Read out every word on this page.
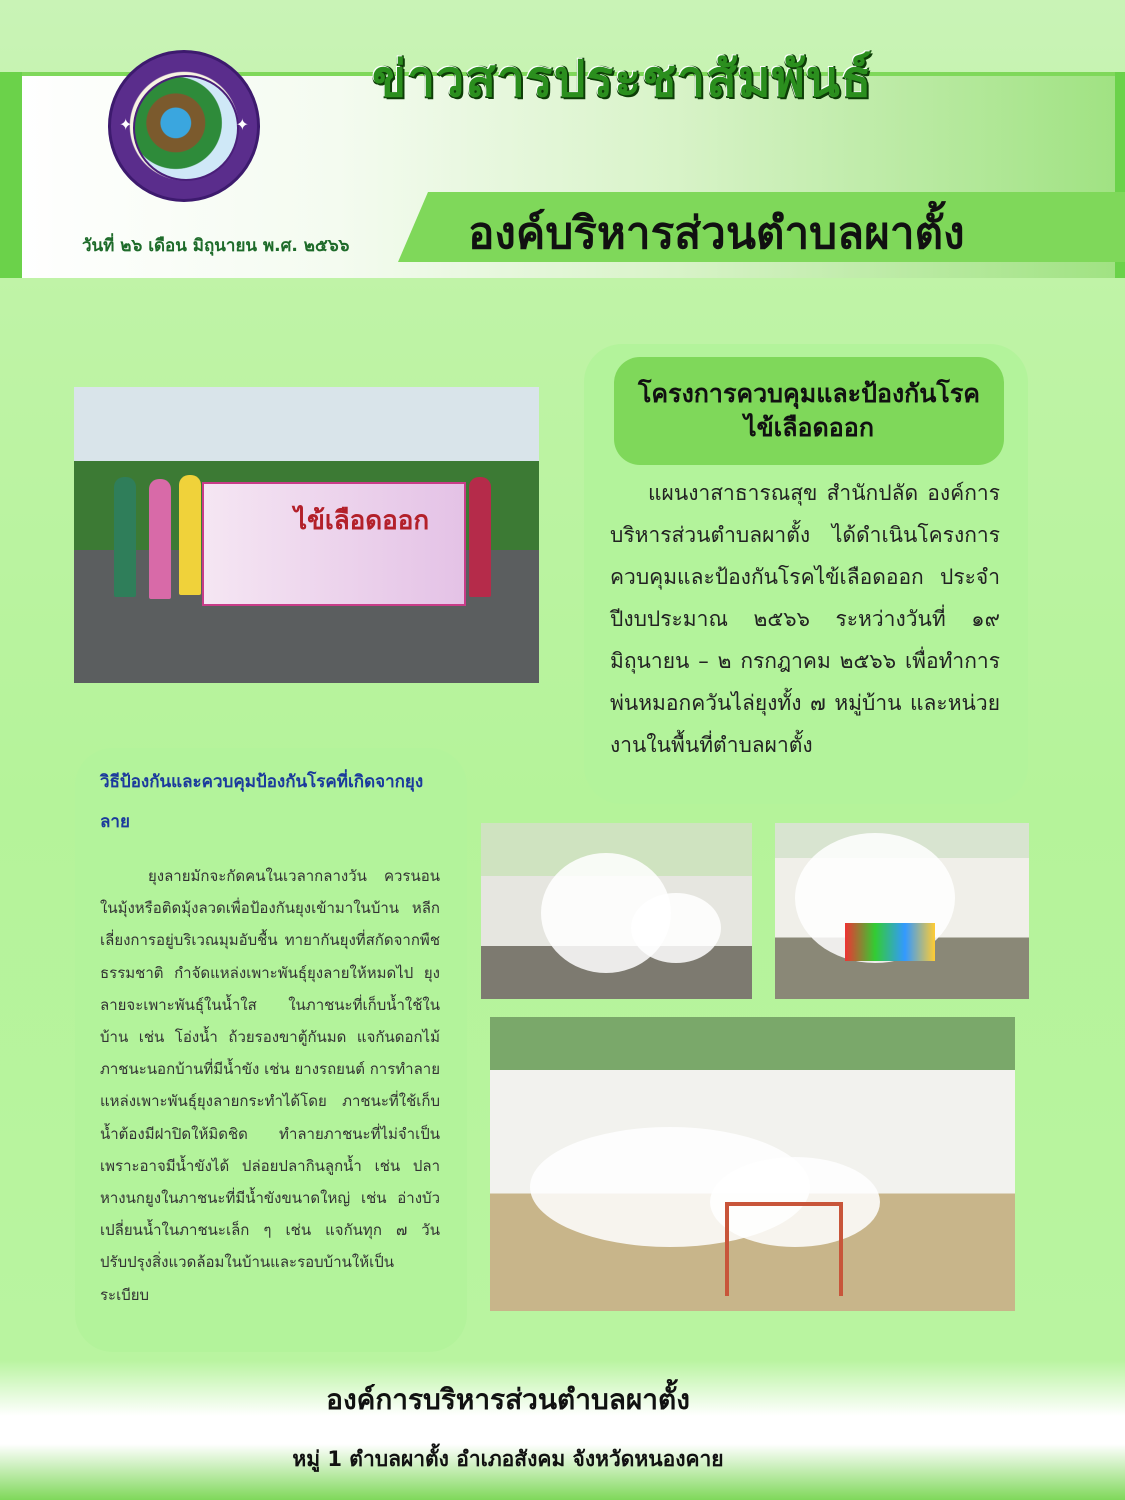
✦	✦
ข่าวสารประชาสัมพันธ์
วันที่ ๒๖ เดือน มิถุนายน พ.ศ. ๒๕๖๖	องค์บริหารส่วนตำบลผาตั้ง
ไข้เลือดออก
โครงการควบคุมและป้องกันโรคไข้เลือดออก
แผนงาสาธารณสุข สำนักปลัด องค์การบริหารส่วนตำบลผาตั้ง ได้ดำเนินโครงการควบคุมและป้องกันโรคไข้เลือดออก ประจำปีงบประมาณ ๒๕๖๖ ระหว่างวันที่ ๑๙ มิถุนายน – ๒ กรกฎาคม ๒๕๖๖ เพื่อทำการพ่นหมอกควันไล่ยุงทั้ง ๗ หมู่บ้าน และหน่วยงานในพื้นที่ตำบลผาตั้ง
วิธีป้องกันและควบคุมป้องกันโรคที่เกิดจากยุงลาย
ยุงลายมักจะกัดคนในเวลากลางวัน ควรนอนในมุ้งหรือติดมุ้งลวดเพื่อป้องกันยุงเข้ามาในบ้าน หลีกเลี่ยงการอยู่บริเวณมุมอับชื้น ทายากันยุงที่สกัดจากพืชธรรมชาติ กำจัดแหล่งเพาะพันธุ์ยุงลายให้หมดไป ยุงลายจะเพาะพันธุ์ในน้ำใส ในภาชนะที่เก็บน้ำใช้ในบ้าน เช่น โอ่งน้ำ ถ้วยรองขาตู้กันมด แจกันดอกไม้ ภาชนะนอกบ้านที่มีน้ำขัง เช่น ยางรถยนต์ การทำลายแหล่งเพาะพันธุ์ยุงลายกระทำได้โดย ภาชนะที่ใช้เก็บน้ำต้องมีฝาปิดให้มิดชิด ทำลายภาชนะที่ไม่จำเป็น เพราะอาจมีน้ำขังได้ ปล่อยปลากินลูกน้ำ เช่น ปลาหางนกยูงในภาชนะที่มีน้ำขังขนาดใหญ่ เช่น อ่างบัว เปลี่ยนน้ำในภาชนะเล็ก ๆ เช่น แจกันทุก ๗ วัน ปรับปรุงสิ่งแวดล้อมในบ้านและรอบบ้านให้เป็นระเบียบ
องค์การบริหารส่วนตำบลผาตั้ง
หมู่ 1 ตำบลผาตั้ง อำเภอสังคม จังหวัดหนองคาย
